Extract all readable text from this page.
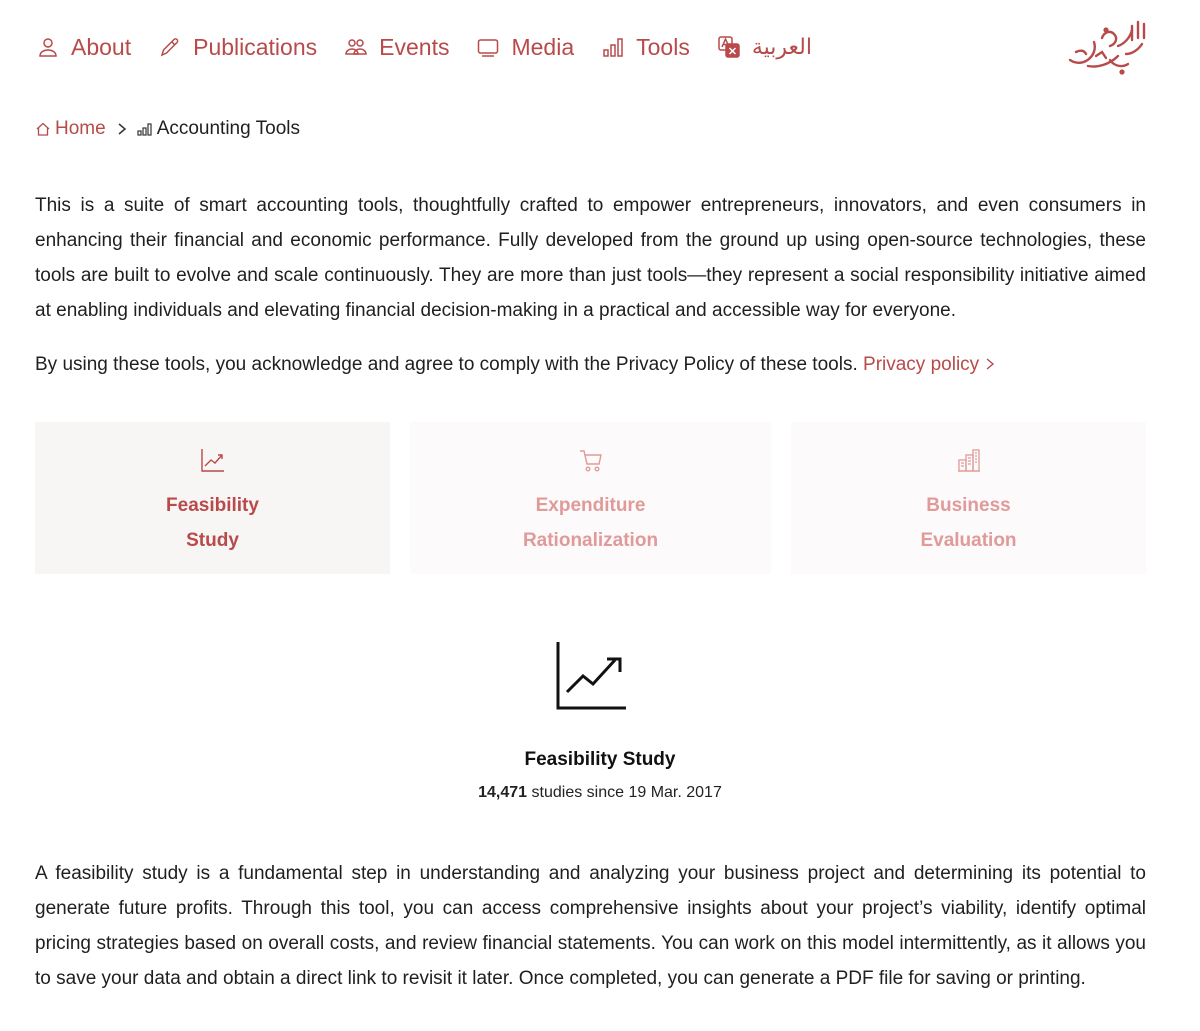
About	Publications	Events	Media	Tools	العربية
Home	Accounting Tools

This is a suite of smart accounting tools, thoughtfully crafted to empower entrepreneurs, innovators, and even consumers in enhancing their financial and economic performance. Fully developed from the ground up using open-source technologies, these tools are built to evolve and scale continuously. They are more than just tools—they represent a social responsibility initiative aimed at enabling individuals and elevating financial decision-making in a practical and accessible way for everyone.

By using these tools, you acknowledge and agree to comply with the Privacy Policy of these tools. Privacy policy

Feasibility Study
Expenditure Rationalization
Business Evaluation
Feasibility Study
14,471 studies since 19 Mar. 2017

A feasibility study is a fundamental step in understanding and analyzing your business project and determining its potential to generate future profits. Through this tool, you can access comprehensive insights about your project’s viability, identify optimal pricing strategies based on overall costs, and review financial statements. You can work on this model intermittently, as it allows you to save your data and obtain a direct link to revisit it later. Once completed, you can generate a PDF file for saving or printing.
